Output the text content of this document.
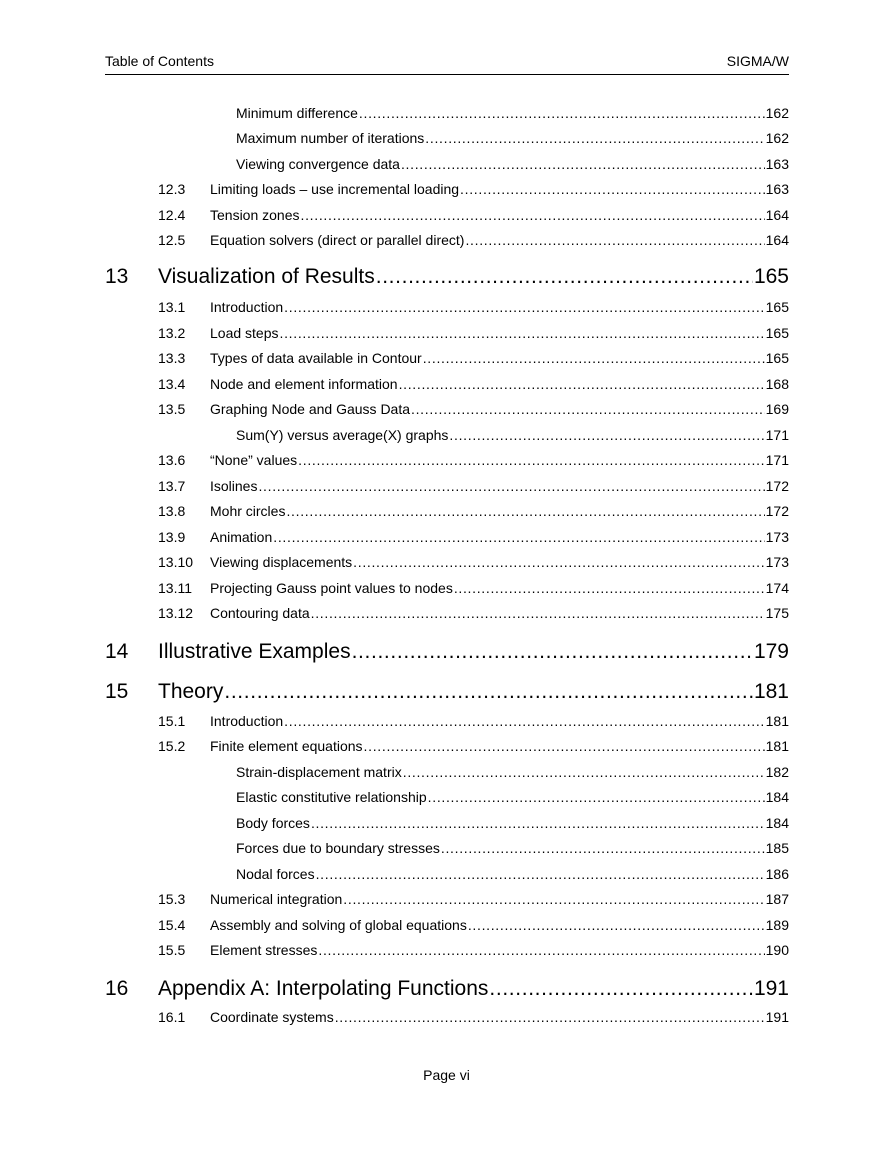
Table of Contents	SIGMA/W
Minimum difference . . .	162
Maximum number of iterations . . .	162
Viewing convergence data . . .	163
12.3 Limiting loads – use incremental loading . . .	163
12.4 Tension zones . . .	164
12.5 Equation solvers (direct or parallel direct) . . .	164
13 Visualization of Results . . .	165
13.1 Introduction . . .	165
13.2 Load steps . . .	165
13.3 Types of data available in Contour . . .	165
13.4 Node and element information . . .	168
13.5 Graphing Node and Gauss Data . . .	169
Sum(Y) versus average(X) graphs . . .	171
13.6 “None” values . . .	171
13.7 Isolines . . .	172
13.8 Mohr circles . . .	172
13.9 Animation . . .	173
13.10 Viewing displacements . . .	173
13.11 Projecting Gauss point values to nodes . . .	174
13.12 Contouring data . . .	175
14 Illustrative Examples . . .	179
15 Theory . . .	181
15.1 Introduction . . .	181
15.2 Finite element equations . . .	181
Strain-displacement matrix . . .	182
Elastic constitutive relationship . . .	184
Body forces . . .	184
Forces due to boundary stresses . . .	185
Nodal forces . . .	186
15.3 Numerical integration . . .	187
15.4 Assembly and solving of global equations . . .	189
15.5 Element stresses . . .	190
16 Appendix A: Interpolating Functions . . .	191
16.1 Coordinate systems . . .	191
Page vi
